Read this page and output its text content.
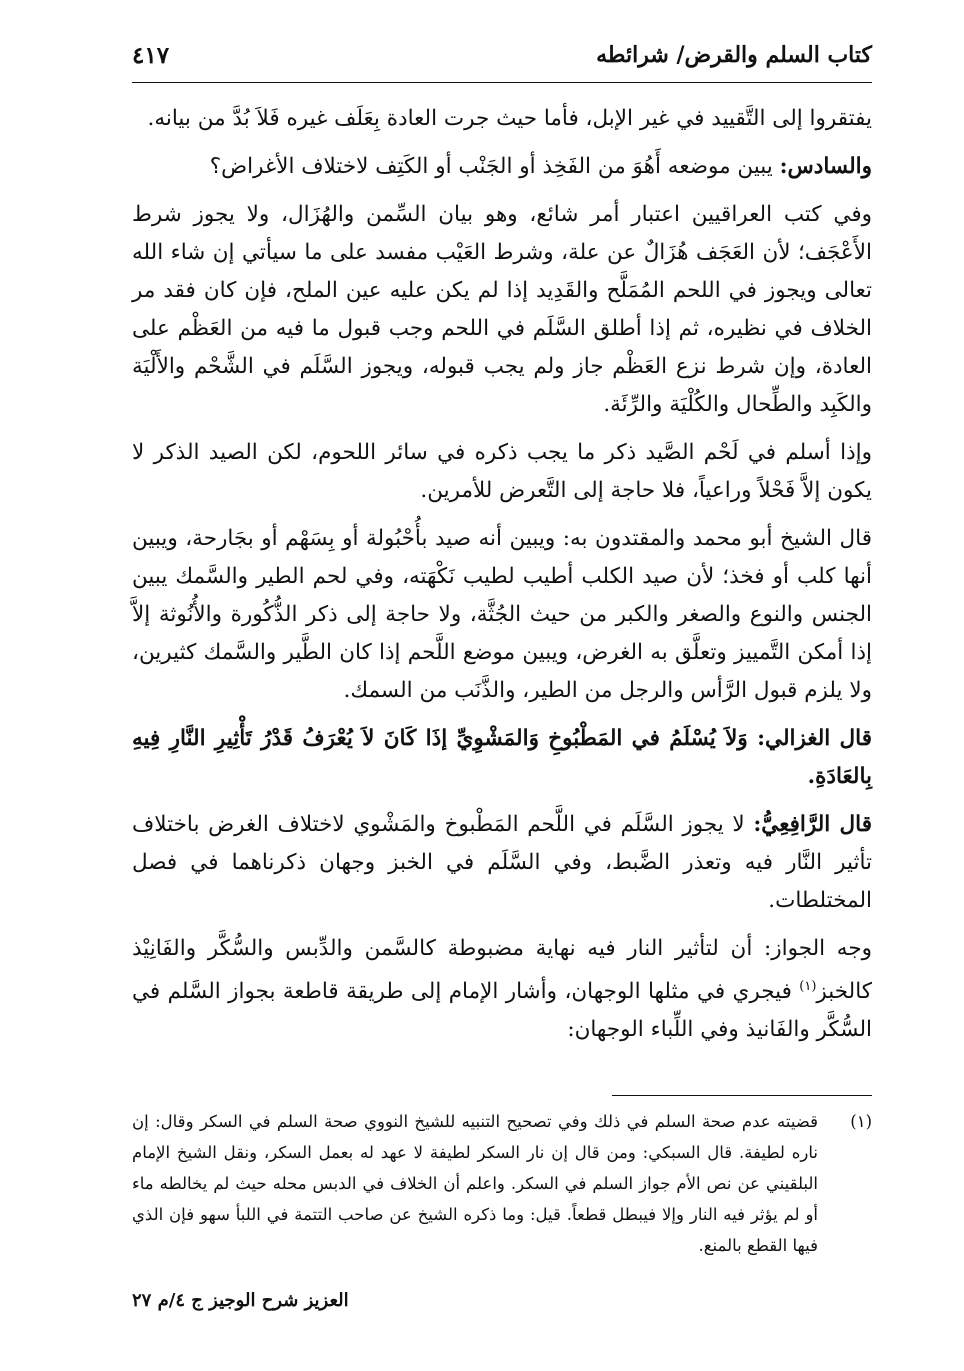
كتاب السلم والقرض/ شرائطه
٤١٧

يفتقروا إلى التَّقييد في غير الإبل، فأما حيث جرت العادة بِعَلَف غيره فَلاَ بُدَّ من بيانه.

والسادس: يبين موضعه أَهُوَ من الفَخِذ أو الجَنْب أو الكَتِف لاختلاف الأغراض؟

وفي كتب العراقيين اعتبار أمر شائع، وهو بيان السِّمن والهُزَال، ولا يجوز شرط الأَعْجَف؛ لأن العَجَف هُزَالٌ عن علة، وشرط العَيْب مفسد على ما سيأتي إن شاء الله تعالى ويجوز في اللحم المُمَلَّح والقَدِيد إذا لم يكن عليه عين الملح، فإن كان فقد مر الخلاف في نظيره، ثم إذا أطلق السَّلَم في اللحم وجب قبول ما فيه من العَظْم على العادة، وإن شرط نزع العَظْم جاز ولم يجب قبوله، ويجوز السَّلَم في الشَّحْم والأَلْيَة والكَبِد والطِّحال والكُلْيَة والرِّئَة.

وإذا أسلم في لَحْم الصَّيد ذكر ما يجب ذكره في سائر اللحوم، لكن الصيد الذكر لا يكون إلاَّ فَحْلاً وراعياً، فلا حاجة إلى التَّعرض للأمرين.

قال الشيخ أبو محمد والمقتدون به: ويبين أنه صيد بأُحْبُولة أو بِسَهْم أو بجَارحة، ويبين أنها كلب أو فخذ؛ لأن صيد الكلب أطيب لطيب نَكْهَته، وفي لحم الطير والسَّمك يبين الجنس والنوع والصغر والكبر من حيث الجُثَّة، ولا حاجة إلى ذكر الذُّكُورة والأُنُوثة إلاَّ إذا أمكن التَّمييز وتعلَّق به الغرض، ويبين موضع اللَّحم إذا كان الطَّير والسَّمك كثيرين، ولا يلزم قبول الرَّأس والرجل من الطير، والذَّنَب من السمك.

قال الغزالي: وَلاَ يُسْلَمُ في المَطْبُوخِ وَالمَشْوِيِّ إذَا كَانَ لاَ يُعْرَفُ قَدْرُ تَأْثِيرِ النَّارِ فِيهِ بِالعَادَةِ.

قال الرَّافِعِيُّ: لا يجوز السَّلَم في اللَّحم المَطْبوخ والمَشْوي لاختلاف الغرض باختلاف تأثير النَّار فيه وتعذر الضَّبط، وفي السَّلَم في الخبز وجهان ذكرناهما في فصل المختلطات.

وجه الجواز: أن لتأثير النار فيه نهاية مضبوطة كالسَّمن والدِّبس والسُّكَّر والفَانِيْذ كالخبز$^{(١)}$ فيجري في مثلها الوجهان، وأشار الإمام إلى طريقة قاطعة بجواز السَّلم في السُّكَّر والفَانيذ وفي اللِّباء الوجهان:

(١)
قضيته عدم صحة السلم في ذلك وفي تصحيح التنبيه للشيخ النووي صحة السلم في السكر وقال: إن ناره لطيفة. قال السبكي: ومن قال إن نار السكر لطيفة لا عهد له بعمل السكر، ونقل الشيخ الإمام البلقيني عن نص الأم جواز السلم في السكر. واعلم أن الخلاف في الدبس محله حيث لم يخالطه ماء أو لم يؤثر فيه النار وإلا فيبطل قطعاً. قيل: وما ذكره الشيخ عن صاحب التتمة في اللبأ سهو فإن الذي فيها القطع بالمنع.
العزيز شرح الوجيز ج ٤/م ٢٧
